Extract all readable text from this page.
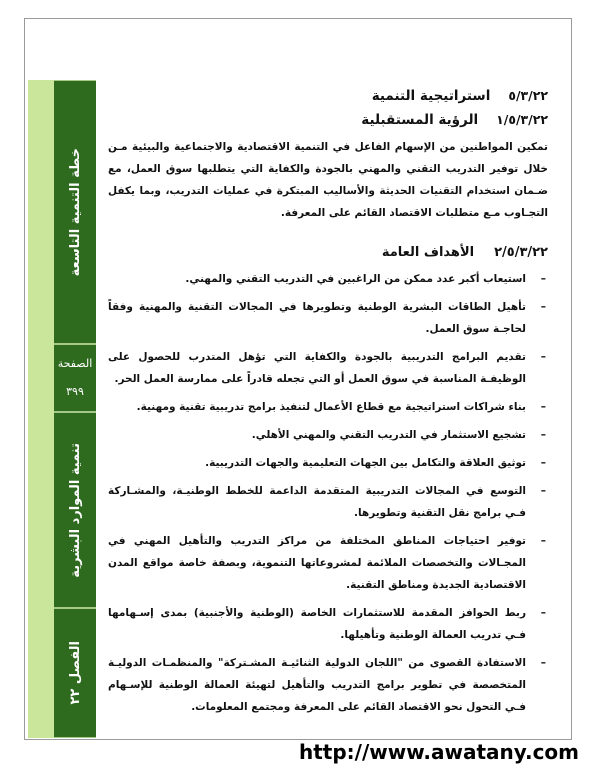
خطة التنمية التاسعة
تنمية الموارد البشرية
الفصل ٢٢
الصفحة
٣٩٩
٥/٣/٢٢
استراتيجية التنمية
١/٥/٣/٢٢
الرؤية المستقبلية

تمكين المواطنين من الإسهام الفاعل في التنمية الاقتصادية والاجتماعية والبيئية مـن خلال توفير التدريب التقني والمهني بالجودة والكفاية التي يتطلبها سوق العمل، مع ضـمان استخدام التقنيات الحديثة والأساليب المبتكرة في عمليات التدريب، وبما يكفل التجـاوب مـع متطلبات الاقتصاد القائم على المعرفة.

٢/٥/٣/٢٢
الأهداف العامة
–
استيعاب أكبر عدد ممكن من الراغبين في التدريب التقني والمهني.
–
تأهيل الطاقات البشرية الوطنية وتطويرها في المجالات التقنية والمهنية وفقاً لحاجـة سوق العمل.
–
تقديم البرامج التدريبية بالجودة والكفاية التي تؤهل المتدرب للحصول على الوظيفـة المناسبة في سوق العمل أو التي تجعله قادراً على ممارسة العمل الحر.
–
بناء شراكات استراتيجية مع قطاع الأعمال لتنفيذ برامج تدريبية تقنية ومهنية.
–
تشجيع الاستثمار في التدريب التقني والمهني الأهلي.
–
توثيق العلاقة والتكامل بين الجهات التعليمية والجهات التدريبية.
–
التوسع في المجالات التدريبية المتقدمة الداعمة للخطط الوطنيـة، والمشـاركة فـي برامج نقل التقنية وتطويرها.
–
توفير احتياجات المناطق المختلفة من مراكز التدريب والتأهيل المهني في المجـالات والتخصصات الملائمة لمشروعاتها التنموية، وبصفة خاصة مواقع المدن الاقتصادية الجديدة ومناطق التقنية.
–
ربط الحوافز المقدمة للاستثمارات الخاصة (الوطنية والأجنبية) بمدى إسـهامها فـي تدريب العمالة الوطنية وتأهيلها.
–
الاستفادة القصوى من "اللجان الدولية الثنائيـة المشـتركة" والمنظمـات الدوليـة المتخصصة في تطوير برامج التدريب والتأهيل لتهيئة العمالة الوطنية للإسـهام فـي التحول نحو الاقتصاد القائم على المعرفة ومجتمع المعلومات.
http://www.awatany.com
